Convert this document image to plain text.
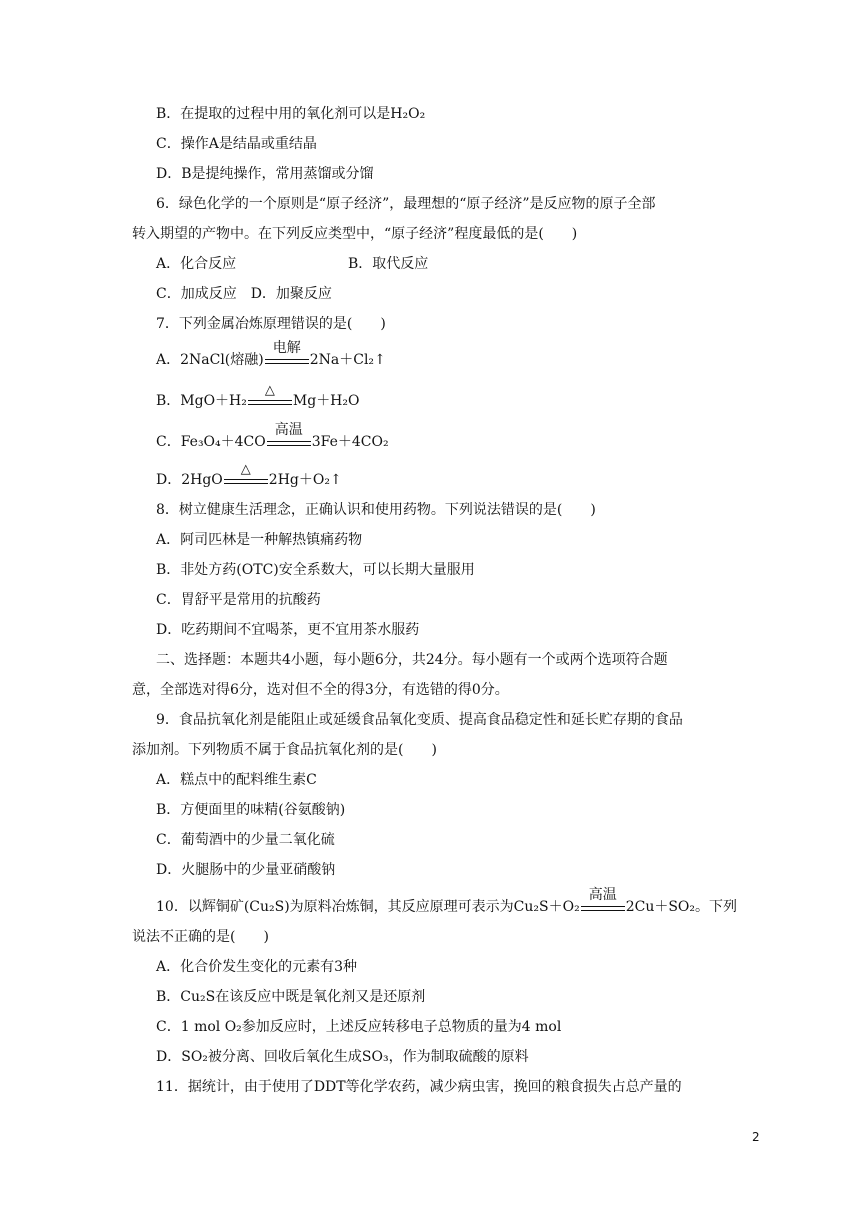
B．在提取的过程中用的氧化剂可以是H₂O₂
C．操作A是结晶或重结晶
D．B是提纯操作，常用蒸馏或分馏
6．绿色化学的一个原则是“原子经济”，最理想的“原子经济”是反应物的原子全部
转入期望的产物中。在下列反应类型中，“原子经济”程度最低的是(　　)
A．化合反应	B．取代反应
C．加成反应　D．加聚反应
7．下列金属冶炼原理错误的是(　　)
A．2NaCl(熔融)
电解
2Na＋Cl₂↑
B．MgO＋H₂
△
Mg＋H₂O
C．Fe₃O₄＋4CO
高温
3Fe＋4CO₂
D．2HgO
△
2Hg＋O₂↑
8．树立健康生活理念，正确认识和使用药物。下列说法错误的是(　　)
A．阿司匹林是一种解热镇痛药物
B．非处方药(OTC)安全系数大，可以长期大量服用
C．胃舒平是常用的抗酸药
D．吃药期间不宜喝茶，更不宜用茶水服药
二、选择题：本题共4小题，每小题6分，共24分。每小题有一个或两个选项符合题
意，全部选对得6分，选对但不全的得3分，有选错的得0分。
9．食品抗氧化剂是能阻止或延缓食品氧化变质、提高食品稳定性和延长贮存期的食品
添加剂。下列物质不属于食品抗氧化剂的是(　　)
A．糕点中的配料维生素C
B．方便面里的味精(谷氨酸钠)
C．葡萄酒中的少量二氧化硫
D．火腿肠中的少量亚硝酸钠
10．以辉铜矿(Cu₂S)为原料冶炼铜，其反应原理可表示为Cu₂S＋O₂
高温
2Cu＋SO₂。下列
说法不正确的是(　　)
A．化合价发生变化的元素有3种
B．Cu₂S在该反应中既是氧化剂又是还原剂
C．1 mol O₂参加反应时，上述反应转移电子总物质的量为4 mol
D．SO₂被分离、回收后氧化生成SO₃，作为制取硫酸的原料
11．据统计，由于使用了DDT等化学农药，减少病虫害，挽回的粮食损失占总产量的
2
